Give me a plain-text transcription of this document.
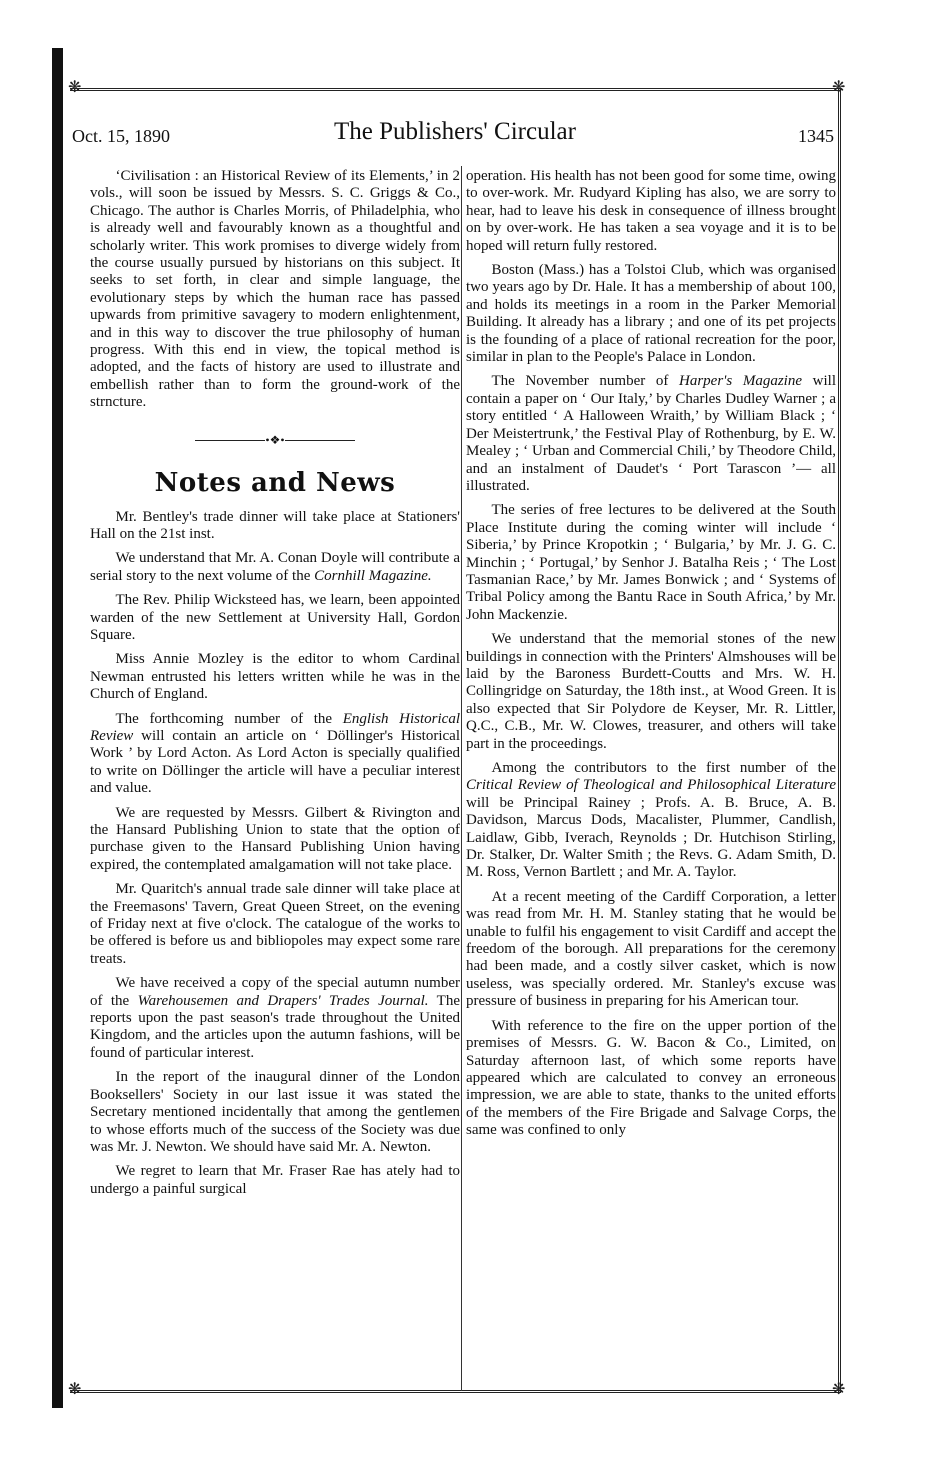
❋	❋
❋	❋
Oct. 15, 1890	The Publishers' Circular	1345

‘Civilisation : an Historical Review of its Elements,’ in 2 vols., will soon be issued by Messrs. S. C. Griggs & Co., Chicago. The author is Charles Morris, of Philadelphia, who is already well and favourably known as a thoughtful and scholarly writer. This work promises to diverge widely from the course usually pursued by historians on this subject. It seeks to set forth, in clear and simple language, the evolutionary steps by which the human race has passed upwards from primitive savagery to modern enlightenment, and in this way to discover the true philosophy of human progress. With this end in view, the topical method is adopted, and the facts of history are used to illustrate and embellish rather than to form the ground-work of the strncture.

•❖•
Notes and News

Mr. Bentley's trade dinner will take place at Stationers' Hall on the 21st inst.

We understand that Mr. A. Conan Doyle will contribute a serial story to the next volume of the Cornhill Magazine.

The Rev. Philip Wicksteed has, we learn, been appointed warden of the new Settlement at University Hall, Gordon Square.

Miss Annie Mozley is the editor to whom Cardinal Newman entrusted his letters written while he was in the Church of England.

The forthcoming number of the English Historical Review will contain an article on ‘ Döllinger's Historical Work ’ by Lord Acton. As Lord Acton is specially qualified to write on Döllinger the article will have a peculiar interest and value.

We are requested by Messrs. Gilbert & Rivington and the Hansard Publishing Union to state that the option of purchase given to the Hansard Publishing Union having expired, the contemplated amalgamation will not take place.

Mr. Quaritch's annual trade sale dinner will take place at the Freemasons' Tavern, Great Queen Street, on the evening of Friday next at five o'clock. The catalogue of the works to be offered is before us and bibliopoles may expect some rare treats.

We have received a copy of the special autumn number of the Warehousemen and Drapers' Trades Journal. The reports upon the past season's trade throughout the United Kingdom, and the articles upon the autumn fashions, will be found of particular interest.

In the report of the inaugural dinner of the London Booksellers' Society in our last issue it was stated the Secretary mentioned incidentally that among the gentlemen to whose efforts much of the success of the Society was due was Mr. J. Newton. We should have said Mr. A. Newton.

We regret to learn that Mr. Fraser Rae has ately had to undergo a painful surgical

operation. His health has not been good for some time, owing to over-work. Mr. Rudyard Kipling has also, we are sorry to hear, had to leave his desk in consequence of illness brought on by over-work. He has taken a sea voyage and it is to be hoped will return fully restored.

Boston (Mass.) has a Tolstoi Club, which was organised two years ago by Dr. Hale. It has a membership of about 100, and holds its meetings in a room in the Parker Memorial Building. It already has a library ; and one of its pet projects is the founding of a place of rational recreation for the poor, similar in plan to the People's Palace in London.

The November number of Harper's Magazine will contain a paper on ‘ Our Italy,’ by Charles Dudley Warner ; a story entitled ‘ A Halloween Wraith,’ by William Black ; ‘ Der Meistertrunk,’ the Festival Play of Rothenburg, by E. W. Mealey ; ‘ Urban and Commercial Chili,’ by Theodore Child, and an instalment of Daudet's ‘ Port Tarascon ’— all illustrated.

The series of free lectures to be delivered at the South Place Institute during the coming winter will include ‘ Siberia,’ by Prince Kropotkin ; ‘ Bulgaria,’ by Mr. J. G. C. Minchin ; ‘ Portugal,’ by Senhor J. Batalha Reis ; ‘ The Lost Tasmanian Race,’ by Mr. James Bonwick ; and ‘ Systems of Tribal Policy among the Bantu Race in South Africa,’ by Mr. John Mackenzie.

We understand that the memorial stones of the new buildings in connection with the Printers' Almshouses will be laid by the Baroness Burdett-Coutts and Mrs. W. H. Collingridge on Saturday, the 18th inst., at Wood Green. It is also expected that Sir Polydore de Keyser, Mr. R. Littler, Q.C., C.B., Mr. W. Clowes, treasurer, and others will take part in the proceedings.

Among the contributors to the first number of the Critical Review of Theological and Philosophical Literature will be Principal Rainey ; Profs. A. B. Bruce, A. B. Davidson, Marcus Dods, Macalister, Plummer, Candlish, Laidlaw, Gibb, Iverach, Reynolds ; Dr. Hutchison Stirling, Dr. Stalker, Dr. Walter Smith ; the Revs. G. Adam Smith, D. M. Ross, Vernon Bartlett ; and Mr. A. Taylor.

At a recent meeting of the Cardiff Corporation, a letter was read from Mr. H. M. Stanley stating that he would be unable to fulfil his engagement to visit Cardiff and accept the freedom of the borough. All preparations for the ceremony had been made, and a costly silver casket, which is now useless, was specially ordered. Mr. Stanley's excuse was pressure of business in preparing for his American tour.

With reference to the fire on the upper portion of the premises of Messrs. G. W. Bacon & Co., Limited, on Saturday afternoon last, of which some reports have appeared which are calculated to convey an erroneous impression, we are able to state, thanks to the united efforts of the members of the Fire Brigade and Salvage Corps, the same was confined to only
